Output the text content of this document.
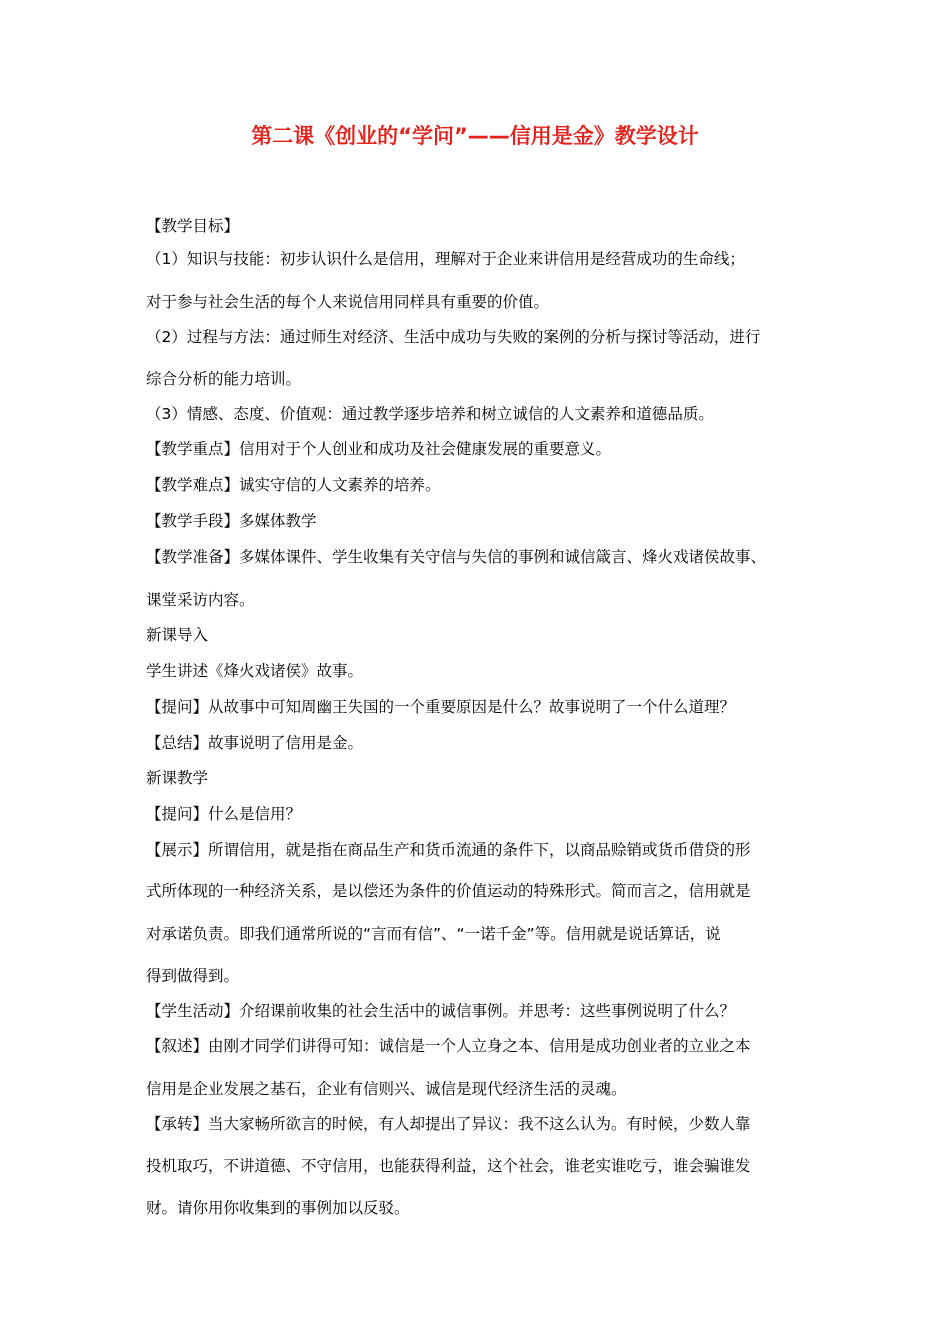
第二课《创业的“学问”——信用是金》教学设计
【教学目标】
（1）知识与技能：初步认识什么是信用，理解对于企业来讲信用是经营成功的生命线；
对于参与社会生活的每个人来说信用同样具有重要的价值。
（2）过程与方法：通过师生对经济、生活中成功与失败的案例的分析与探讨等活动，进行
综合分析的能力培训。
（3）情感、态度、价值观：通过教学逐步培养和树立诚信的人文素养和道德品质。
【教学重点】信用对于个人创业和成功及社会健康发展的重要意义。
【教学难点】诚实守信的人文素养的培养。
【教学手段】多媒体教学
【教学准备】多媒体课件、学生收集有关守信与失信的事例和诚信箴言、烽火戏诸侯故事、
课堂采访内容。
新课导入
学生讲述《烽火戏诸侯》故事。
【提问】从故事中可知周幽王失国的一个重要原因是什么？故事说明了一个什么道理？
【总结】故事说明了信用是金。
新课教学
【提问】什么是信用？
【展示】所谓信用，就是指在商品生产和货币流通的条件下，以商品赊销或货币借贷的形
式所体现的一种经济关系，是以偿还为条件的价值运动的特殊形式。简而言之，信用就是
对承诺负责。即我们通常所说的“言而有信”、“一诺千金”等。信用就是说话算话，说
得到做得到。
【学生活动】介绍课前收集的社会生活中的诚信事例。并思考：这些事例说明了什么？
【叙述】由刚才同学们讲得可知：诚信是一个人立身之本、信用是成功创业者的立业之本
信用是企业发展之基石，企业有信则兴、诚信是现代经济生活的灵魂。
【承转】当大家畅所欲言的时候，有人却提出了异议：我不这么认为。有时候，少数人靠
投机取巧，不讲道德、不守信用，也能获得利益，这个社会，谁老实谁吃亏，谁会骗谁发
财。请你用你收集到的事例加以反驳。
